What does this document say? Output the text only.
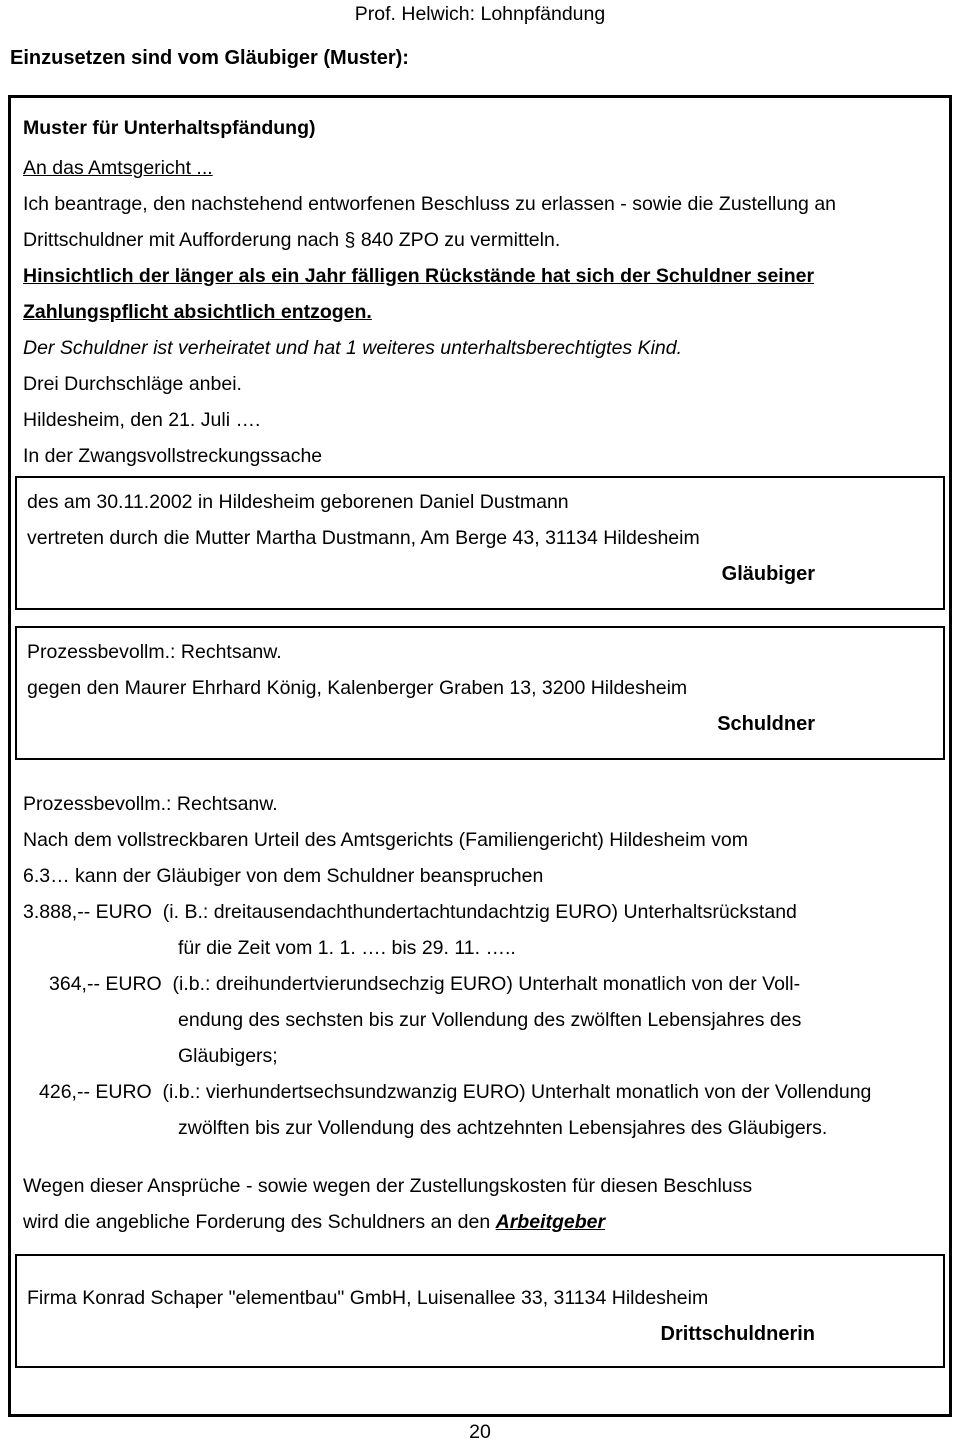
Prof. Helwich: Lohnpfändung
Einzusetzen sind vom Gläubiger (Muster):
Muster für Unterhaltspfändung)
An das Amtsgericht ...
Ich beantrage, den nachstehend entworfenen Beschluss zu erlassen - sowie die Zustellung an
Drittschuldner mit Aufforderung nach § 840 ZPO zu vermitteln.
Hinsichtlich der länger als ein Jahr fälligen Rückstände hat sich der Schuldner seiner
Zahlungspflicht absichtlich entzogen.
Der Schuldner ist verheiratet und hat 1 weiteres unterhaltsberechtigtes Kind.
Drei Durchschläge anbei.
Hildesheim, den 21. Juli ….
In der Zwangsvollstreckungssache
des am 30.11.2002 in Hildesheim geborenen Daniel Dustmann
vertreten durch die Mutter Martha Dustmann, Am Berge 43, 31134 Hildesheim
Gläubiger
Prozessbevollm.: Rechtsanw.
gegen den Maurer Ehrhard König, Kalenberger Graben 13, 3200 Hildesheim
Schuldner
Prozessbevollm.: Rechtsanw.
Nach dem vollstreckbaren Urteil des Amtsgerichts (Familiengericht) Hildesheim vom
6.3… kann der Gläubiger von dem Schuldner beanspruchen
3.888,-- EURO  (i. B.: dreitausendachthundertachtundachtzig EURO) Unterhaltsrückstand
für die Zeit vom 1. 1. …. bis 29. 11. …..
364,-- EURO  (i.b.: dreihundertvierundsechzig EURO) Unterhalt monatlich von der Voll-
endung des sechsten bis zur Vollendung des zwölften Lebensjahres des
Gläubigers;
426,-- EURO  (i.b.: vierhundertsechsundzwanzig EURO) Unterhalt monatlich von der Vollendung
zwölften bis zur Vollendung des achtzehnten Lebensjahres des Gläubigers.
Wegen dieser Ansprüche - sowie wegen der Zustellungskosten für diesen Beschluss
wird die angebliche Forderung des Schuldners an den Arbeitgeber
Firma Konrad Schaper "elementbau" GmbH, Luisenallee 33, 31134 Hildesheim
Drittschuldnerin
20
